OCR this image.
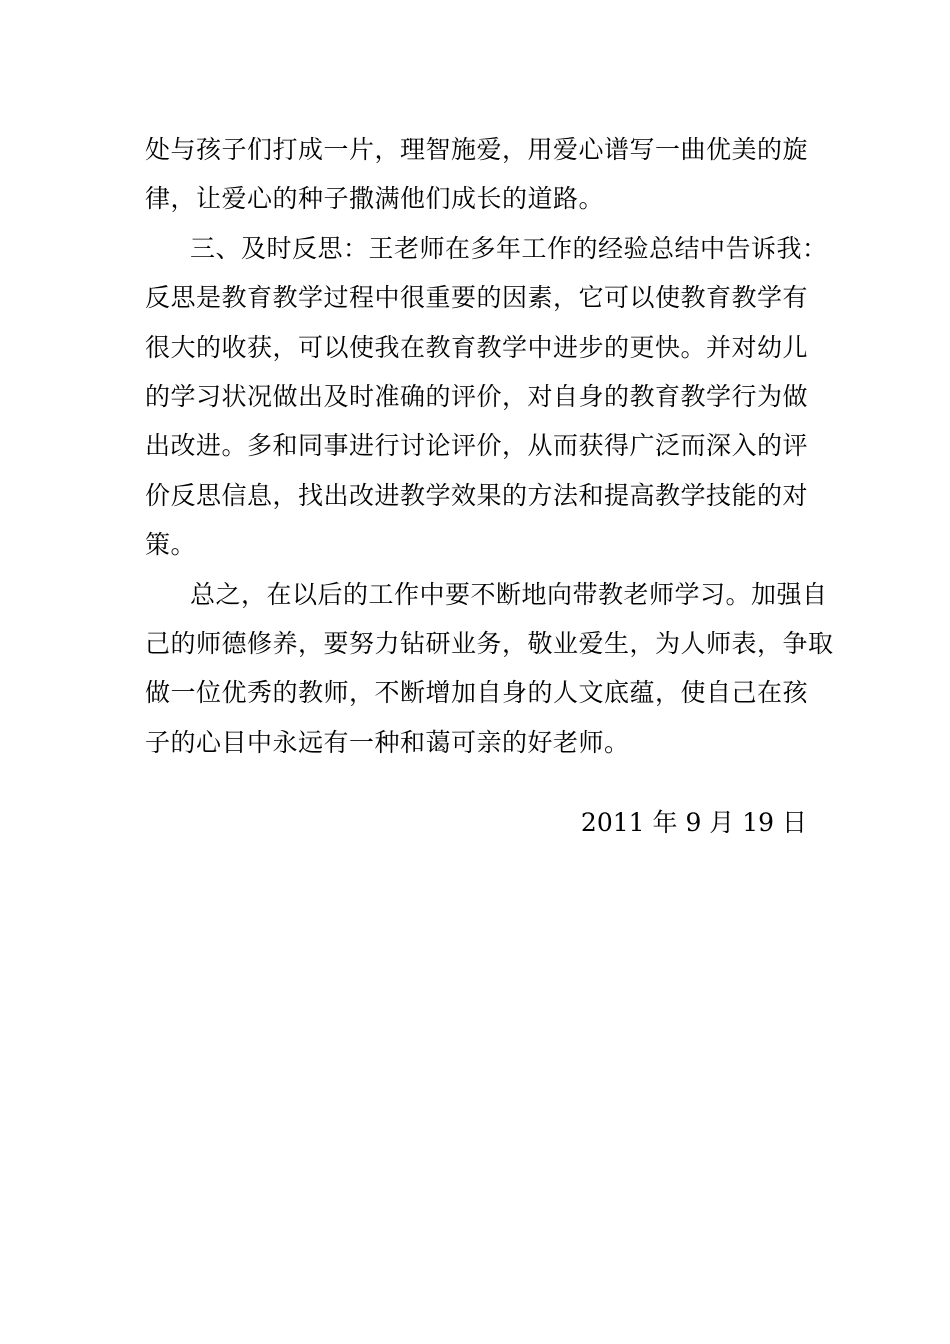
处与孩子们打成一片，理智施爱，用爱心谱写一曲优美的旋
律，让爱心的种子撒满他们成长的道路。
三、及时反思：王老师在多年工作的经验总结中告诉我：
反思是教育教学过程中很重要的因素，它可以使教育教学有
很大的收获，可以使我在教育教学中进步的更快。并对幼儿
的学习状况做出及时准确的评价，对自身的教育教学行为做
出改进。多和同事进行讨论评价，从而获得广泛而深入的评
价反思信息，找出改进教学效果的方法和提高教学技能的对
策。
总之，在以后的工作中要不断地向带教老师学习。加强自
己的师德修养，要努力钻研业务，敬业爱生，为人师表，争取
做一位优秀的教师，不断增加自身的人文底蕴，使自己在孩
子的心目中永远有一种和蔼可亲的好老师。
2011 年 9 月 19 日
